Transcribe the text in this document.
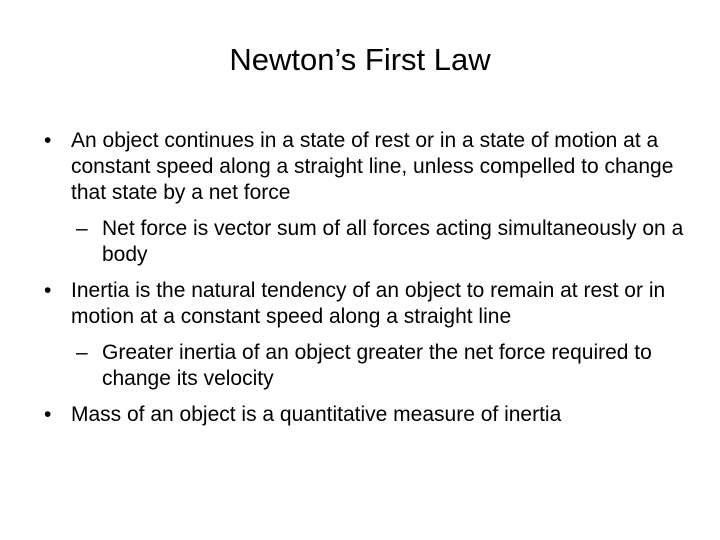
Newton’s First Law
• An object continues in a state of rest or in a state of motion at a constant speed along a straight line, unless compelled to change that state by a net force
– Net force is vector sum of all forces acting simultaneously on a body
• Inertia is the natural tendency of an object to remain at rest or in motion at a constant speed along a straight line
– Greater inertia of an object greater the net force required to change its velocity
• Mass of an object is a quantitative measure of inertia
